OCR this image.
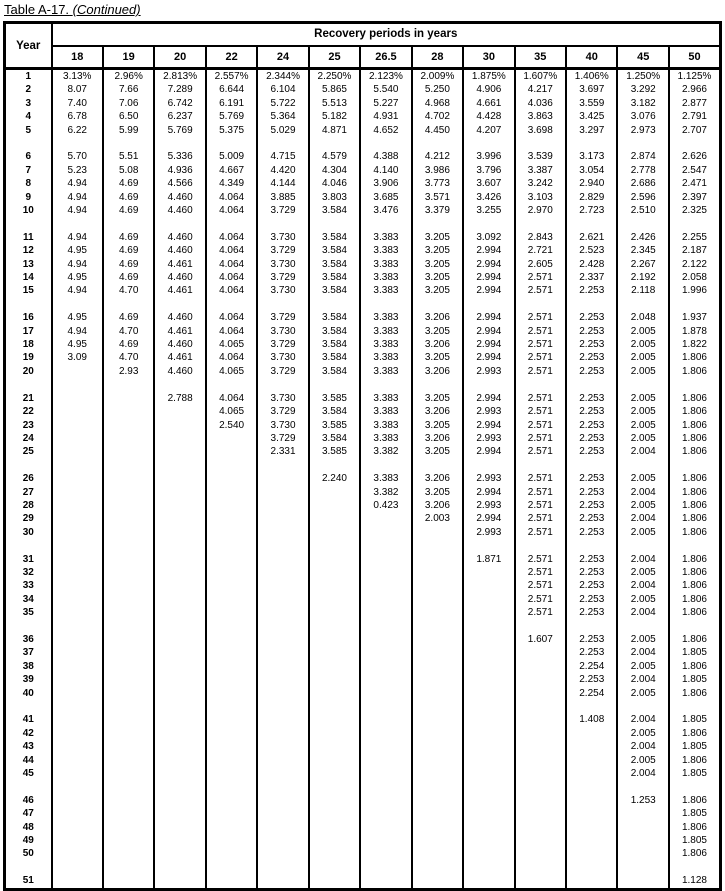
Table A-17. (Continued)
Year	Recovery periods in years												
	18	19	20	22	24	25	26.5	28	30	35	40	45	50
1	3.13%	2.96%	2.813%	2.557%	2.344%	2.250%	2.123%	2.009%	1.875%	1.607%	1.406%	1.250%	1.125%
2	8.07	7.66	7.289	6.644	6.104	5.865	5.540	5.250	4.906	4.217	3.697	3.292	2.966
3	7.40	7.06	6.742	6.191	5.722	5.513	5.227	4.968	4.661	4.036	3.559	3.182	2.877
4	6.78	6.50	6.237	5.769	5.364	5.182	4.931	4.702	4.428	3.863	3.425	3.076	2.791
5	6.22	5.99	5.769	5.375	5.029	4.871	4.652	4.450	4.207	3.698	3.297	2.973	2.707

6	5.70	5.51	5.336	5.009	4.715	4.579	4.388	4.212	3.996	3.539	3.173	2.874	2.626
7	5.23	5.08	4.936	4.667	4.420	4.304	4.140	3.986	3.796	3.387	3.054	2.778	2.547
8	4.94	4.69	4.566	4.349	4.144	4.046	3.906	3.773	3.607	3.242	2.940	2.686	2.471
9	4.94	4.69	4.460	4.064	3.885	3.803	3.685	3.571	3.426	3.103	2.829	2.596	2.397
10	4.94	4.69	4.460	4.064	3.729	3.584	3.476	3.379	3.255	2.970	2.723	2.510	2.325

11	4.94	4.69	4.460	4.064	3.730	3.584	3.383	3.205	3.092	2.843	2.621	2.426	2.255
12	4.95	4.69	4.460	4.064	3.729	3.584	3.383	3.205	2.994	2.721	2.523	2.345	2.187
13	4.94	4.69	4.461	4.064	3.730	3.584	3.383	3.205	2.994	2.605	2.428	2.267	2.122
14	4.95	4.69	4.460	4.064	3.729	3.584	3.383	3.205	2.994	2.571	2.337	2.192	2.058
15	4.94	4.70	4.461	4.064	3.730	3.584	3.383	3.205	2.994	2.571	2.253	2.118	1.996

16	4.95	4.69	4.460	4.064	3.729	3.584	3.383	3.206	2.994	2.571	2.253	2.048	1.937
17	4.94	4.70	4.461	4.064	3.730	3.584	3.383	3.205	2.994	2.571	2.253	2.005	1.878
18	4.95	4.69	4.460	4.065	3.729	3.584	3.383	3.206	2.994	2.571	2.253	2.005	1.822
19	3.09	4.70	4.461	4.064	3.730	3.584	3.383	3.205	2.994	2.571	2.253	2.005	1.806
20		2.93	4.460	4.065	3.729	3.584	3.383	3.206	2.993	2.571	2.253	2.005	1.806

21			2.788	4.064	3.730	3.585	3.383	3.205	2.994	2.571	2.253	2.005	1.806
22				4.065	3.729	3.584	3.383	3.206	2.993	2.571	2.253	2.005	1.806
23				2.540	3.730	3.585	3.383	3.205	2.994	2.571	2.253	2.005	1.806
24					3.729	3.584	3.383	3.206	2.993	2.571	2.253	2.005	1.806
25					2.331	3.585	3.382	3.205	2.994	2.571	2.253	2.004	1.806

26						2.240	3.383	3.206	2.993	2.571	2.253	2.005	1.806
27							3.382	3.205	2.994	2.571	2.253	2.004	1.806
28							0.423	3.206	2.993	2.571	2.253	2.005	1.806
29								2.003	2.994	2.571	2.253	2.004	1.806
30									2.993	2.571	2.253	2.005	1.806

31									1.871	2.571	2.253	2.004	1.806
32										2.571	2.253	2.005	1.806
33										2.571	2.253	2.004	1.806
34										2.571	2.253	2.005	1.806
35										2.571	2.253	2.004	1.806

36										1.607	2.253	2.005	1.806
37											2.253	2.004	1.805
38											2.254	2.005	1.806
39											2.253	2.004	1.805
40											2.254	2.005	1.806

41											1.408	2.004	1.805
42												2.005	1.806
43												2.004	1.805
44												2.005	1.806
45												2.004	1.805

46												1.253	1.806
47													1.805
48													1.806
49													1.805
50													1.806

51													1.128
